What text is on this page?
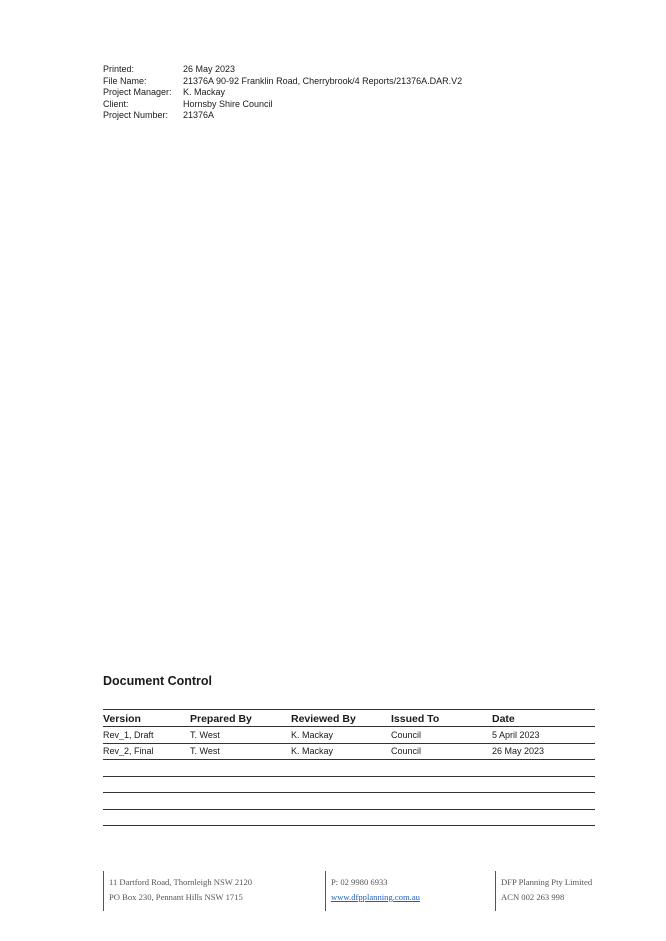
Printed:	26 May 2023
File Name:	21376A 90-92 Franklin Road, Cherrybrook/4 Reports/21376A.DAR.V2
Project Manager:	K. Mackay
Client:	Hornsby Shire Council
Project Number:	21376A
Document Control
Version	Prepared By	Reviewed By	Issued To	Date
Rev_1, Draft	T. West	K. Mackay	Council	5 April 2023
Rev_2, Final	T. West	K. Mackay	Council	26 May 2023
11 Dartford Road, Thornleigh NSW 2120
PO Box 230, Pennant Hills NSW 1715
P: 02 9980 6933
www.dfpplanning.com.au
DFP Planning Pty Limited
ACN 002 263 998
